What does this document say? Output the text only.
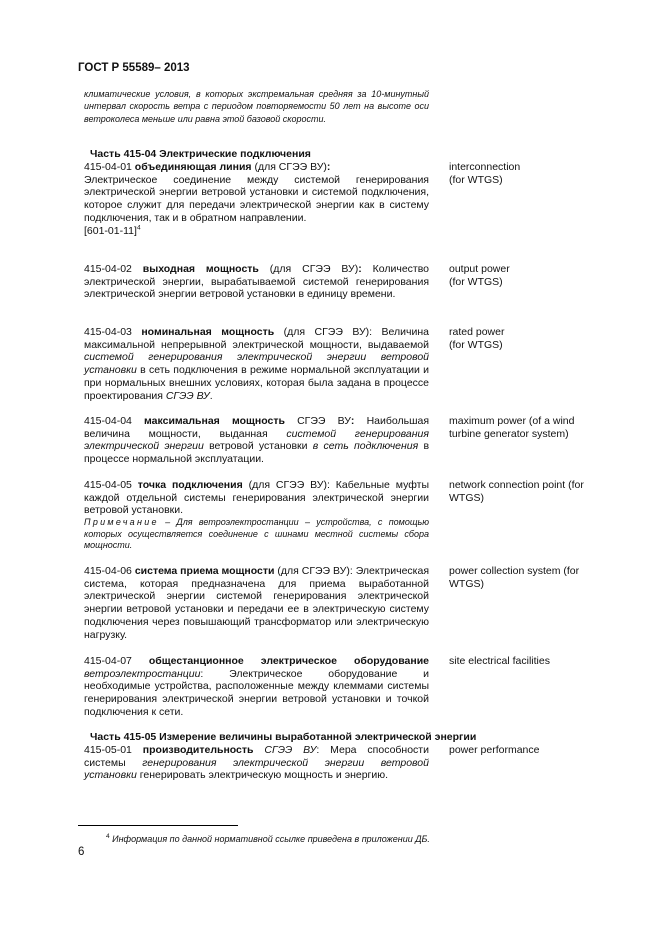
ГОСТ Р 55589– 2013
климатические условия, в которых экстремальная средняя за 10-минутный интервал скорость ветра с периодом повторяемости 50 лет на высоте оси ветроколеса меньше или равна этой базовой скорости.
Часть 415-04 Электрические подключения
415-04-01 объединяющая линия (для СГЭЭ ВУ):
Электрическое соединение между системой генерирования электрической энергии ветровой установки и системой подключения, которое служит для передачи электрической энергии как в систему подключения, так и в обратном направлении.
$[601-01-11]^4$
interconnection
(for WTGS)
415-04-02 выходная мощность (для СГЭЭ ВУ): Количество электрической энергии, вырабатываемой системой генерирования электрической энергии ветровой установки в единицу времени.
output power
(for WTGS)
415-04-03 номинальная мощность (для СГЭЭ ВУ): Величина максимальной непрерывной электрической мощности, выдаваемой системой генерирования электрической энергии ветровой установки в сеть подключения в режиме нормальной эксплуатации и при нормальных внешних условиях, которая была задана в процессе проектирования СГЭЭ ВУ.
rated power
(for WTGS)
415-04-04 максимальная мощность СГЭЭ ВУ: Наибольшая величина мощности, выданная системой генерирования электрической энергии ветровой установки в сеть подключения в процессе нормальной эксплуатации.
maximum power (of a wind turbine generator system)
415-04-05 точка подключения (для СГЭЭ ВУ): Кабельные муфты каждой отдельной системы генерирования электрической энергии ветровой установки.
Примечание – Для ветроэлектростанции – устройства, с помощью которых осуществляется соединение с шинами местной системы сбора мощности.
network connection point (for WTGS)
415-04-06 система приема мощности (для СГЭЭ ВУ): Электрическая система, которая предназначена для приема выработанной электрической энергии системой генерирования электрической энергии ветровой установки и передачи ее в электрическую систему подключения через повышающий трансформатор или электрическую нагрузку.
power collection system (for WTGS)
415-04-07 общестанционное электрическое оборудование ветроэлектростанции: Электрическое оборудование и необходимые устройства, расположенные между клеммами системы генерирования электрической энергии ветровой установки и точкой подключения к сети.
site electrical facilities
Часть 415-05 Измерение величины выработанной электрической энергии
415-05-01 производительность СГЭЭ ВУ: Мера способности системы генерирования электрической энергии ветровой установки генерировать электрическую мощность и энергию.
power performance
$^4$ Информация по данной нормативной ссылке приведена в приложении ДБ.
6
